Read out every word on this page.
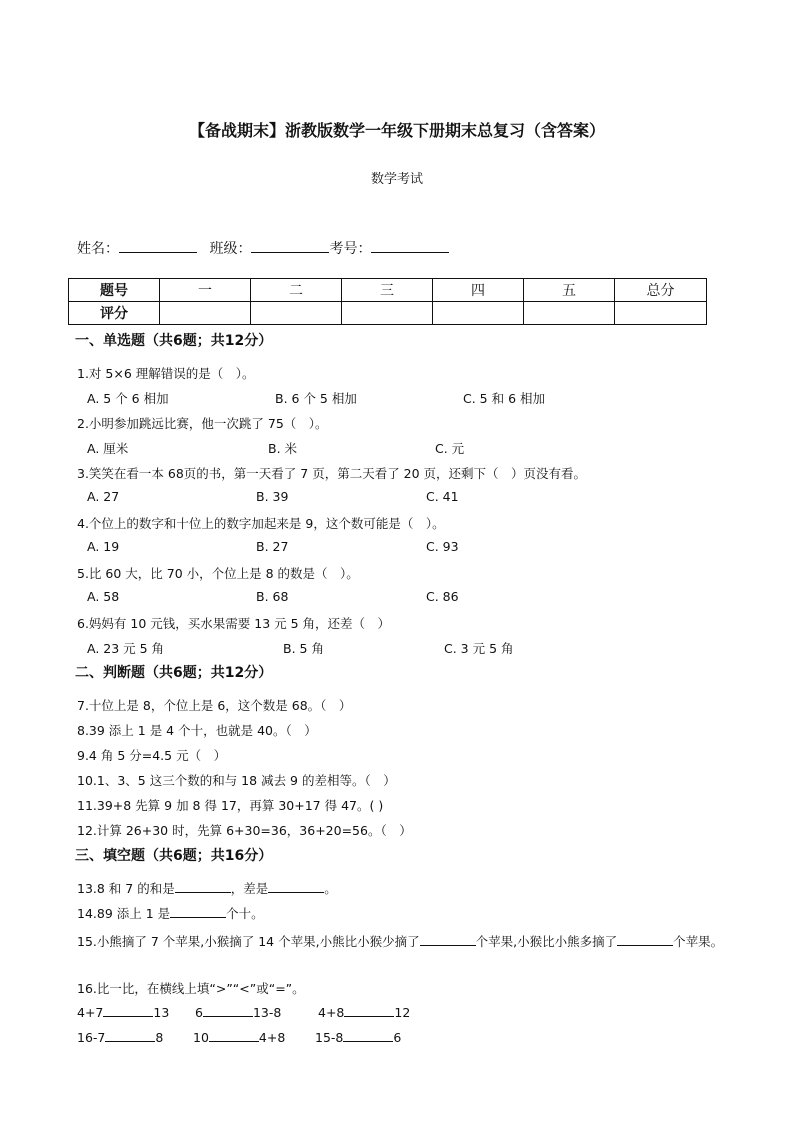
【备战期末】浙教版数学一年级下册期末总复习（含答案）
数学考试
姓名：	班级：	考号：
题号	一	二	三	四	五	总分
评分						
一、单选题（共6题；共12分）
1.对 5×6 理解错误的是（　）。
A. 5 个 6 相加	B. 6 个 5 相加	C. 5 和 6 相加
2.小明参加跳远比赛，他一次跳了 75（　）。
A. 厘米	B. 米	C. 元
3.笑笑在看一本 68页的书，第一天看了 7 页，第二天看了 20 页，还剩下（　）页没有看。
A. 27	B. 39	C. 41
4.个位上的数字和十位上的数字加起来是 9，这个数可能是（　）。
A. 19	B. 27	C. 93
5.比 60 大，比 70 小，个位上是 8 的数是（　）。
A. 58	B. 68	C. 86
6.妈妈有 10 元钱，买水果需要 13 元 5 角，还差（　）
A. 23 元 5 角	B. 5 角	C. 3 元 5 角
二、判断题（共6题；共12分）
7.十位上是 8，个位上是 6，这个数是 68。（　）
8.39 添上 1 是 4 个十，也就是 40。（　）
9.4 角 5 分=4.5 元（　）
10.1、3、5 这三个数的和与 18 减去 9 的差相等。（　）
11.39+8 先算 9 加 8 得 17，再算 30+17 得 47。( )
12.计算 26+30 时，先算 6+30=36，36+20=56。（　）
三、填空题（共6题；共16分）
13.8 和 7 的和是	，差是	。
14.89 添上 1 是	个十。
15.小熊摘了 7 个苹果,小猴摘了 14 个苹果,小熊比小猴少摘了	个苹果,小猴比小熊多摘了	个苹果。
16.比一比，在横线上填“>”“<”或“=”。
4+7	13 6	13-8	4+8	12
16-7	8 10	4+8 15-8	6
